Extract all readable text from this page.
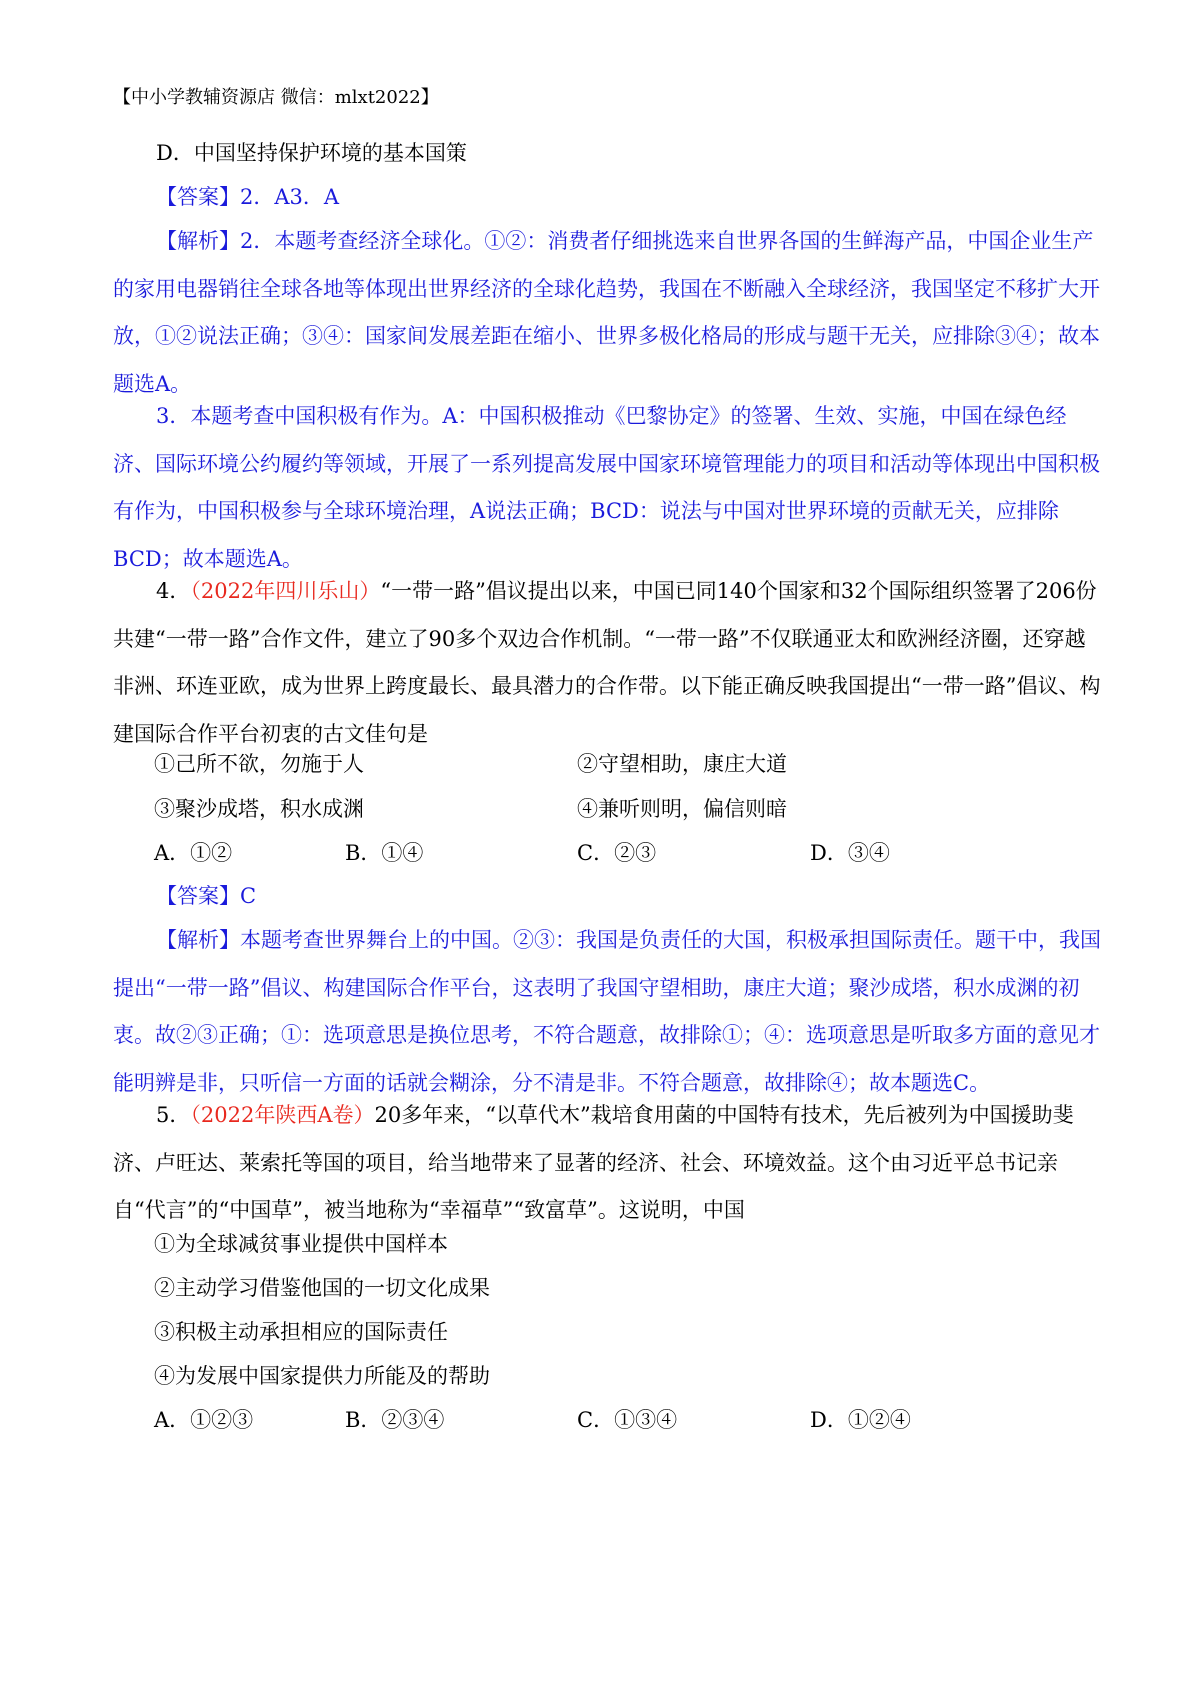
【中小学教辅资源店 微信：mlxt2022】
D．中国坚持保护环境的基本国策
【答案】2．A3．A
【解析】2．本题考查经济全球化。①②：消费者仔细挑选来自世界各国的生鲜海产品，中国企业生产的家用电器销往全球各地等体现出世界经济的全球化趋势，我国在不断融入全球经济，我国坚定不移扩大开放，①②说法正确；③④：国家间发展差距在缩小、世界多极化格局的形成与题干无关，应排除③④；故本题选A。
3．本题考查中国积极有作为。A：中国积极推动《巴黎协定》的签署、生效、实施，中国在绿色经济、国际环境公约履约等领域，开展了一系列提高发展中国家环境管理能力的项目和活动等体现出中国积极有作为，中国积极参与全球环境治理，A说法正确；BCD：说法与中国对世界环境的贡献无关，应排除BCD；故本题选A。
4．（2022年四川乐山）“一带一路”倡议提出以来，中国已同140个国家和32个国际组织签署了206份共建“一带一路”合作文件，建立了90多个双边合作机制。“一带一路”不仅联通亚太和欧洲经济圈，还穿越非洲、环连亚欧，成为世界上跨度最长、最具潜力的合作带。以下能正确反映我国提出“一带一路”倡议、构建国际合作平台初衷的古文佳句是
①己所不欲，勿施于人	②守望相助，康庄大道
③聚沙成塔，积水成渊	④兼听则明，偏信则暗
A．①②	B．①④	C．②③	D．③④
【答案】C
【解析】本题考查世界舞台上的中国。②③：我国是负责任的大国，积极承担国际责任。题干中，我国提出“一带一路”倡议、构建国际合作平台，这表明了我国守望相助，康庄大道；聚沙成塔，积水成渊的初衷。故②③正确；①：选项意思是换位思考，不符合题意，故排除①；④：选项意思是听取多方面的意见才能明辨是非，只听信一方面的话就会糊涂，分不清是非。不符合题意，故排除④；故本题选C。
5．（2022年陕西A卷）20多年来，“以草代木”栽培食用菌的中国特有技术，先后被列为中国援助斐济、卢旺达、莱索托等国的项目，给当地带来了显著的经济、社会、环境效益。这个由习近平总书记亲自“代言”的“中国草”，被当地称为“幸福草”“致富草”。这说明，中国
①为全球减贫事业提供中国样本
②主动学习借鉴他国的一切文化成果
③积极主动承担相应的国际责任
④为发展中国家提供力所能及的帮助
A．①②③	B．②③④	C．①③④	D．①②④
